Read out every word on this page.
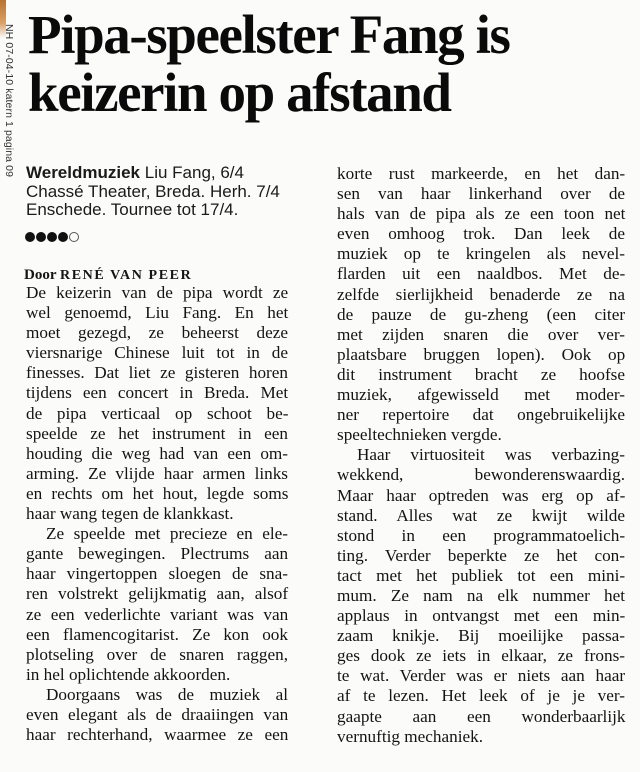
NH 07-04-10 katern 1 pagina 09 Pipa-speelster Fang is
keizerin op afstand
Wereldmuziek Liu Fang, 6/4
Chassé Theater, Breda. Herh. 7/4
Enschede. Tournee tot 17/4.
Door RENÉ VAN PEER
De keizerin van de pipa wordt ze
wel genoemd, Liu Fang. En het
moet gezegd, ze beheerst deze
viersnarige Chinese luit tot in de
finesses. Dat liet ze gisteren horen
tijdens een concert in Breda. Met
de pipa verticaal op schoot be-
speelde ze het instrument in een
houding die weg had van een om-
arming. Ze vlijde haar armen links
en rechts om het hout, legde soms
haar wang tegen de klankkast.
Ze speelde met precieze en ele-
gante bewegingen. Plectrums aan
haar vingertoppen sloegen de sna-
ren volstrekt gelijkmatig aan, alsof
ze een vederlichte variant was van
een flamencogitarist. Ze kon ook
plotseling over de snaren raggen,
in hel oplichtende akkoorden.
Doorgaans was de muziek al
even elegant als de draaiingen van
haar rechterhand, waarmee ze een
korte rust markeerde, en het dan-
sen van haar linkerhand over de
hals van de pipa als ze een toon net
even omhoog trok. Dan leek de
muziek op te kringelen als nevel-
flarden uit een naaldbos. Met de-
zelfde sierlijkheid benaderde ze na
de pauze de gu-zheng (een citer
met zijden snaren die over ver-
plaatsbare bruggen lopen). Ook op
dit instrument bracht ze hoofse
muziek, afgewisseld met moder-
ner repertoire dat ongebruikelijke
speeltechnieken vergde.
Haar virtuositeit was verbazing-
wekkend, bewonderenswaardig.
Maar haar optreden was erg op af-
stand. Alles wat ze kwijt wilde
stond in een programmatoelich-
ting. Verder beperkte ze het con-
tact met het publiek tot een mini-
mum. Ze nam na elk nummer het
applaus in ontvangst met een min-
zaam knikje. Bij moeilijke passa-
ges dook ze iets in elkaar, ze frons-
te wat. Verder was er niets aan haar
af te lezen. Het leek of je je ver-
gaapte aan een wonderbaarlijk
vernuftig mechaniek.
